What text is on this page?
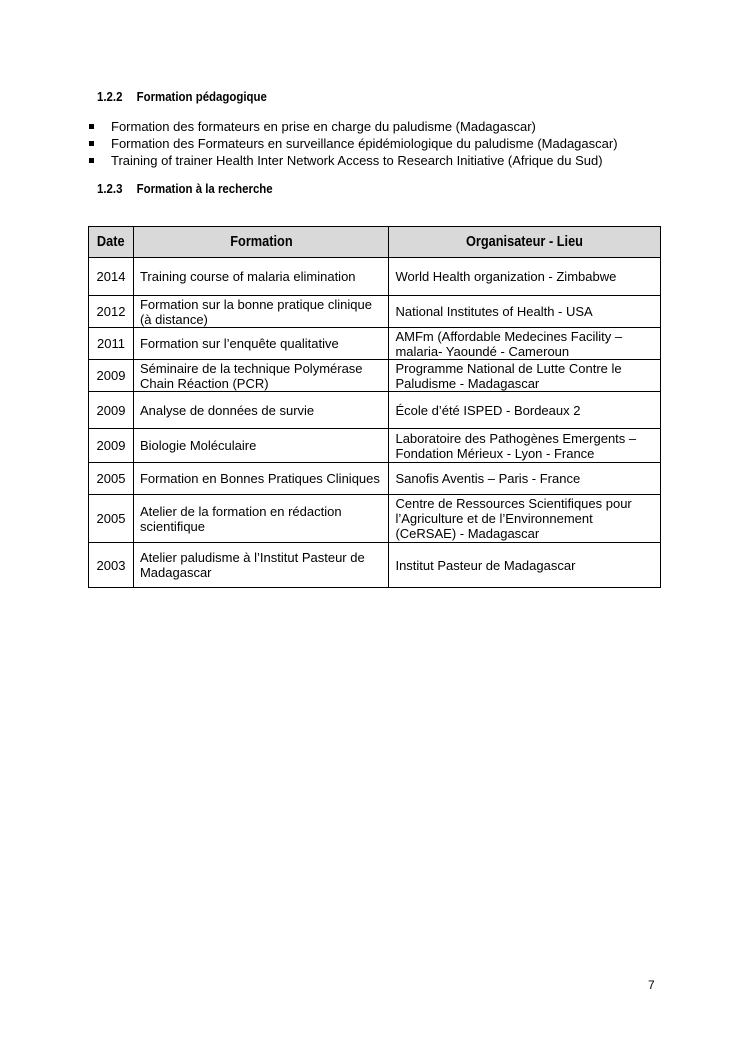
1.2.2 Formation pédagogique
Formation des formateurs en prise en charge du paludisme (Madagascar)
Formation des Formateurs en surveillance épidémiologique du paludisme (Madagascar)
Training of trainer Health Inter Network Access to Research Initiative (Afrique du Sud)
1.2.3 Formation à la recherche
Date	Formation	Organisateur - Lieu
2014	Training course of malaria elimination	World Health organization - Zimbabwe
2012	Formation sur la bonne pratique clinique (à distance)	National Institutes of Health - USA
2011	Formation sur l’enquête qualitative	AMFm (Affordable Medecines Facility – malaria- Yaoundé - Cameroun
2009	Séminaire de la technique Polymérase Chain Réaction (PCR)	Programme National de Lutte Contre le Paludisme - Madagascar
2009	Analyse de données de survie	École d’été ISPED - Bordeaux 2
2009	Biologie Moléculaire	Laboratoire des Pathogènes Emergents – Fondation Mérieux - Lyon - France
2005	Formation en Bonnes Pratiques Cliniques	Sanofis Aventis – Paris - France
2005	Atelier de la formation en rédaction scientifique	Centre de Ressources Scientifiques pour l’Agriculture et de l’Environnement (CeRSAE) - Madagascar
2003	Atelier paludisme à l’Institut Pasteur de Madagascar	Institut Pasteur de Madagascar
7
